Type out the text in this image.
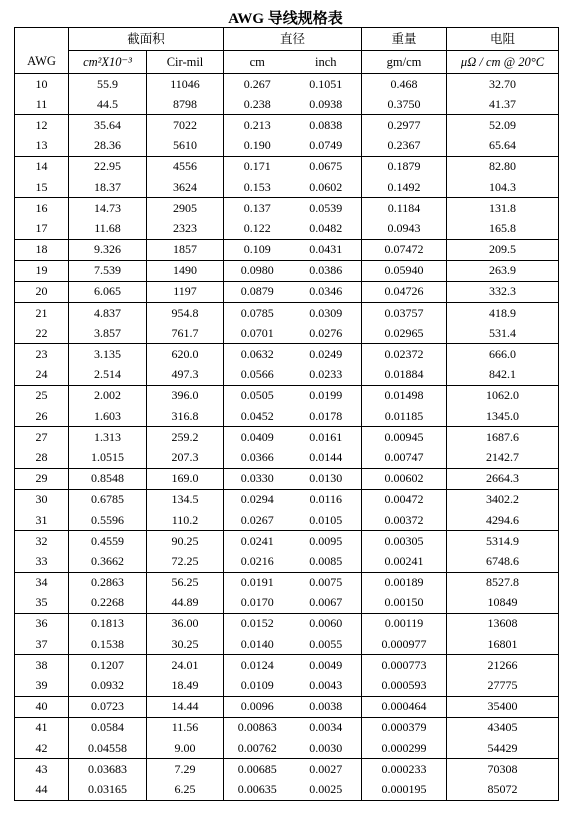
AWG 导线规格表
	截面积		直径		重量	电阻
AWG	cm²X10⁻³	Cir-mil	cm	inch	gm/cm	μΩ / cm @ 20°C
10	55.9	11046	0.267	0.1051	0.468	32.70
11	44.5	8798	0.238	0.0938	0.3750	41.37
12	35.64	7022	0.213	0.0838	0.2977	52.09
13	28.36	5610	0.190	0.0749	0.2367	65.64
14	22.95	4556	0.171	0.0675	0.1879	82.80
15	18.37	3624	0.153	0.0602	0.1492	104.3
16	14.73	2905	0.137	0.0539	0.1184	131.8
17	11.68	2323	0.122	0.0482	0.0943	165.8
18	9.326	1857	0.109	0.0431	0.07472	209.5
19	7.539	1490	0.0980	0.0386	0.05940	263.9
20	6.065	1197	0.0879	0.0346	0.04726	332.3
21	4.837	954.8	0.0785	0.0309	0.03757	418.9
22	3.857	761.7	0.0701	0.0276	0.02965	531.4
23	3.135	620.0	0.0632	0.0249	0.02372	666.0
24	2.514	497.3	0.0566	0.0233	0.01884	842.1
25	2.002	396.0	0.0505	0.0199	0.01498	1062.0
26	1.603	316.8	0.0452	0.0178	0.01185	1345.0
27	1.313	259.2	0.0409	0.0161	0.00945	1687.6
28	1.0515	207.3	0.0366	0.0144	0.00747	2142.7
29	0.8548	169.0	0.0330	0.0130	0.00602	2664.3
30	0.6785	134.5	0.0294	0.0116	0.00472	3402.2
31	0.5596	110.2	0.0267	0.0105	0.00372	4294.6
32	0.4559	90.25	0.0241	0.0095	0.00305	5314.9
33	0.3662	72.25	0.0216	0.0085	0.00241	6748.6
34	0.2863	56.25	0.0191	0.0075	0.00189	8527.8
35	0.2268	44.89	0.0170	0.0067	0.00150	10849
36	0.1813	36.00	0.0152	0.0060	0.00119	13608
37	0.1538	30.25	0.0140	0.0055	0.000977	16801
38	0.1207	24.01	0.0124	0.0049	0.000773	21266
39	0.0932	18.49	0.0109	0.0043	0.000593	27775
40	0.0723	14.44	0.0096	0.0038	0.000464	35400
41	0.0584	11.56	0.00863	0.0034	0.000379	43405
42	0.04558	9.00	0.00762	0.0030	0.000299	54429
43	0.03683	7.29	0.00685	0.0027	0.000233	70308
44	0.03165	6.25	0.00635	0.0025	0.000195	85072
